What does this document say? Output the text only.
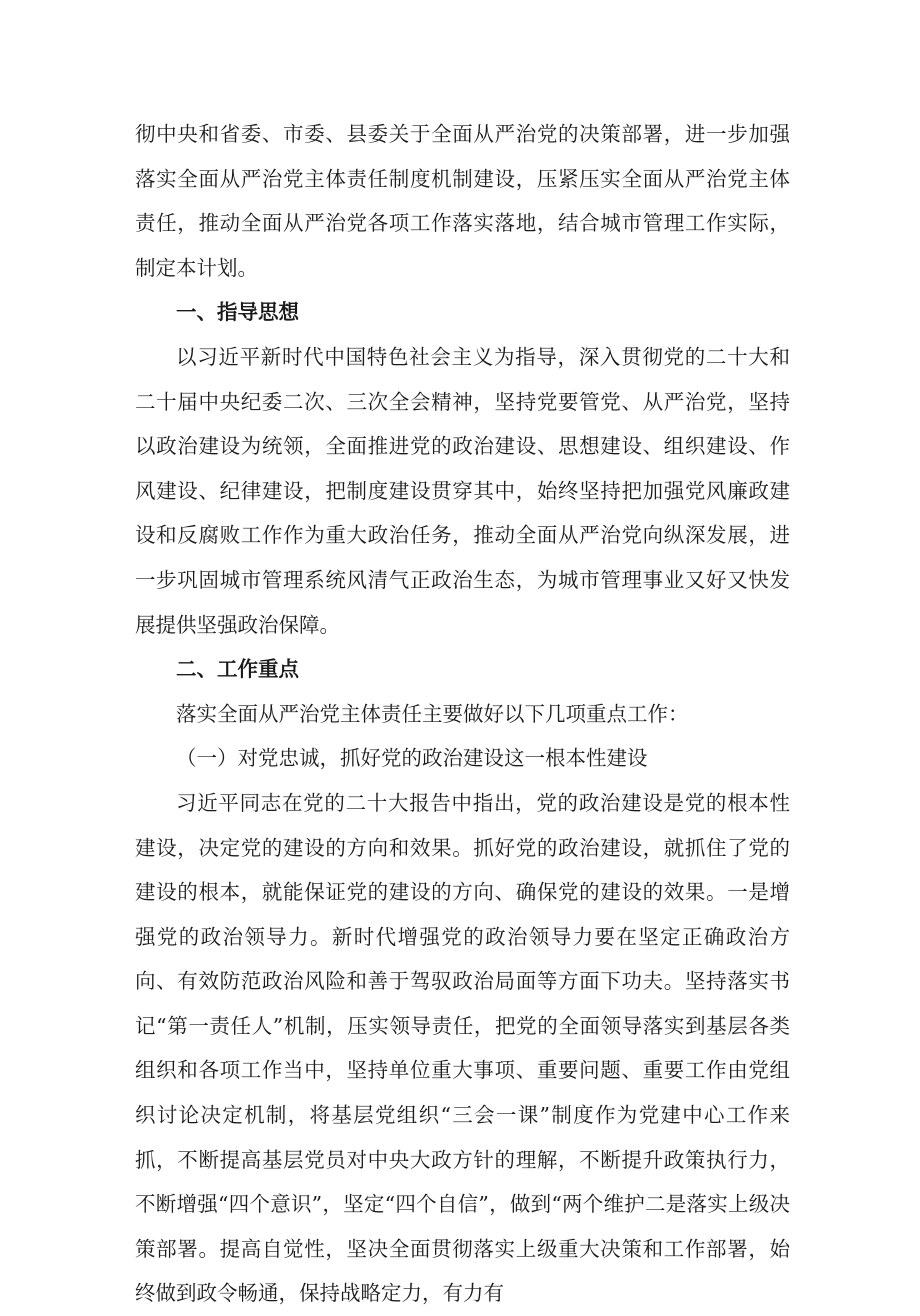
彻中央和省委、市委、县委关于全面从严治党的决策部署，进一步加强落实全面从严治党主体责任制度机制建设，压紧压实全面从严治党主体责任，推动全面从严治党各项工作落实落地，结合城市管理工作实际，制定本计划。

一、指导思想

以习近平新时代中国特色社会主义为指导，深入贯彻党的二十大和二十届中央纪委二次、三次全会精神，坚持党要管党、从严治党，坚持以政治建设为统领，全面推进党的政治建设、思想建设、组织建设、作风建设、纪律建设，把制度建设贯穿其中，始终坚持把加强党风廉政建设和反腐败工作作为重大政治任务，推动全面从严治党向纵深发展，进一步巩固城市管理系统风清气正政治生态，为城市管理事业又好又快发展提供坚强政治保障。

二、工作重点

落实全面从严治党主体责任主要做好以下几项重点工作：

（一）对党忠诚，抓好党的政治建设这一根本性建设

习近平同志在党的二十大报告中指出，党的政治建设是党的根本性建设，决定党的建设的方向和效果。抓好党的政治建设，就抓住了党的建设的根本，就能保证党的建设的方向、确保党的建设的效果。一是增强党的政治领导力。新时代增强党的政治领导力要在坚定正确政治方向、有效防范政治风险和善于驾驭政治局面等方面下功夫。坚持落实书记“第一责任人”机制，压实领导责任，把党的全面领导落实到基层各类组织和各项工作当中，坚持单位重大事项、重要问题、重要工作由党组织讨论决定机制，将基层党组织“三会一课”制度作为党建中心工作来抓，不断提高基层党员对中央大政方针的理解，不断提升政策执行力，不断增强“四个意识”，坚定“四个自信”，做到“两个维护二是落实上级决策部署。提高自觉性，坚决全面贯彻落实上级重大决策和工作部署，始终做到政令畅通，保持战略定力，有力有
